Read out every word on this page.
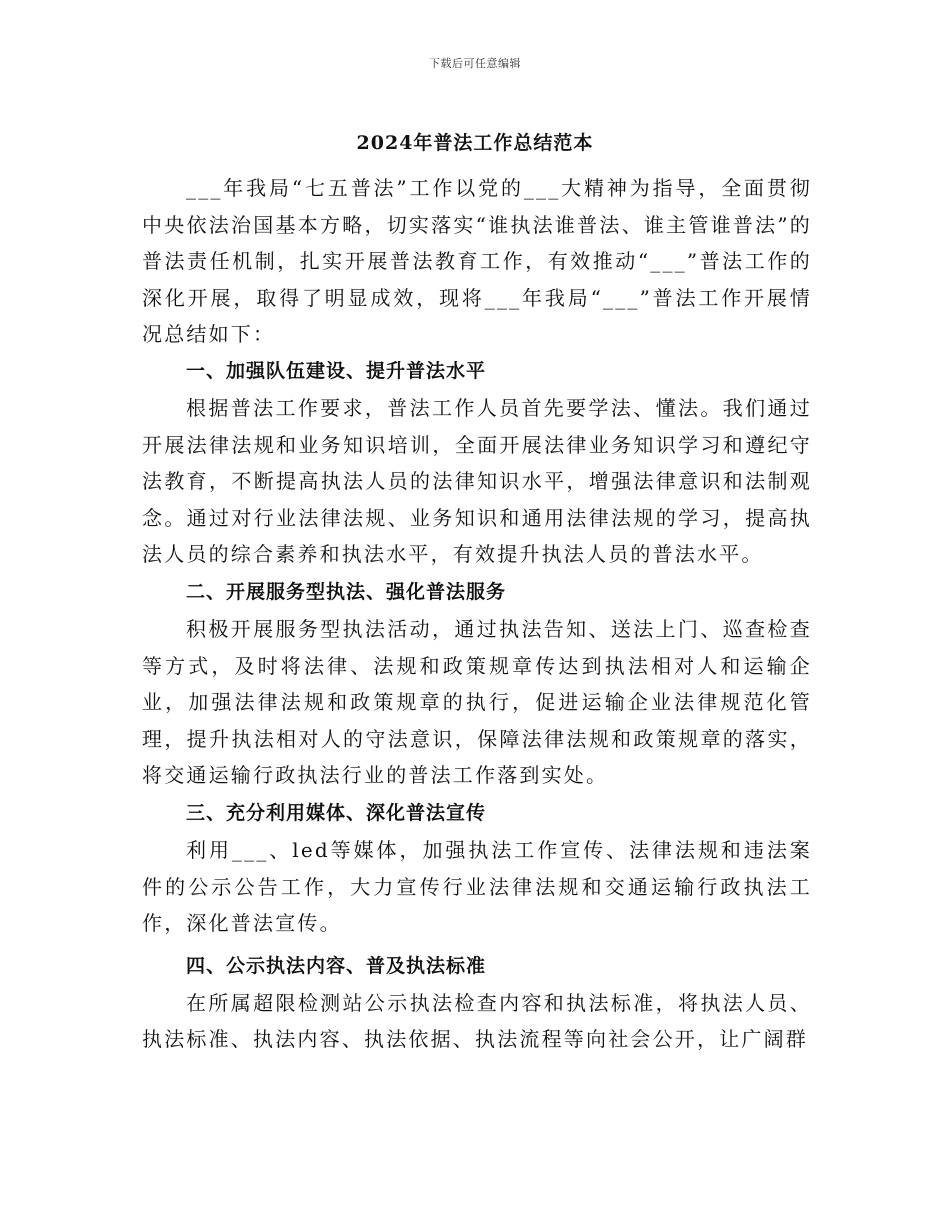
下载后可任意编辑
2024年普法工作总结范本

___年我局“七五普法”工作以党的___大精神为指导，全面贯彻中央依法治国基本方略，切实落实“谁执法谁普法、谁主管谁普法”的普法责任机制，扎实开展普法教育工作，有效推动“___”普法工作的深化开展，取得了明显成效，现将___年我局“___”普法工作开展情况总结如下：

一、加强队伍建设、提升普法水平

根据普法工作要求，普法工作人员首先要学法、懂法。我们通过开展法律法规和业务知识培训，全面开展法律业务知识学习和遵纪守法教育，不断提高执法人员的法律知识水平，增强法律意识和法制观念。通过对行业法律法规、业务知识和通用法律法规的学习，提高执法人员的综合素养和执法水平，有效提升执法人员的普法水平。

二、开展服务型执法、强化普法服务

积极开展服务型执法活动，通过执法告知、送法上门、巡查检查等方式，及时将法律、法规和政策规章传达到执法相对人和运输企业，加强法律法规和政策规章的执行，促进运输企业法律规范化管理，提升执法相对人的守法意识，保障法律法规和政策规章的落实，将交通运输行政执法行业的普法工作落到实处。

三、充分利用媒体、深化普法宣传

利用___、led等媒体，加强执法工作宣传、法律法规和违法案件的公示公告工作，大力宣传行业法律法规和交通运输行政执法工作，深化普法宣传。

四、公示执法内容、普及执法标准

在所属超限检测站公示执法检查内容和执法标准，将执法人员、执法标准、执法内容、执法依据、执法流程等向社会公开，让广阔群
